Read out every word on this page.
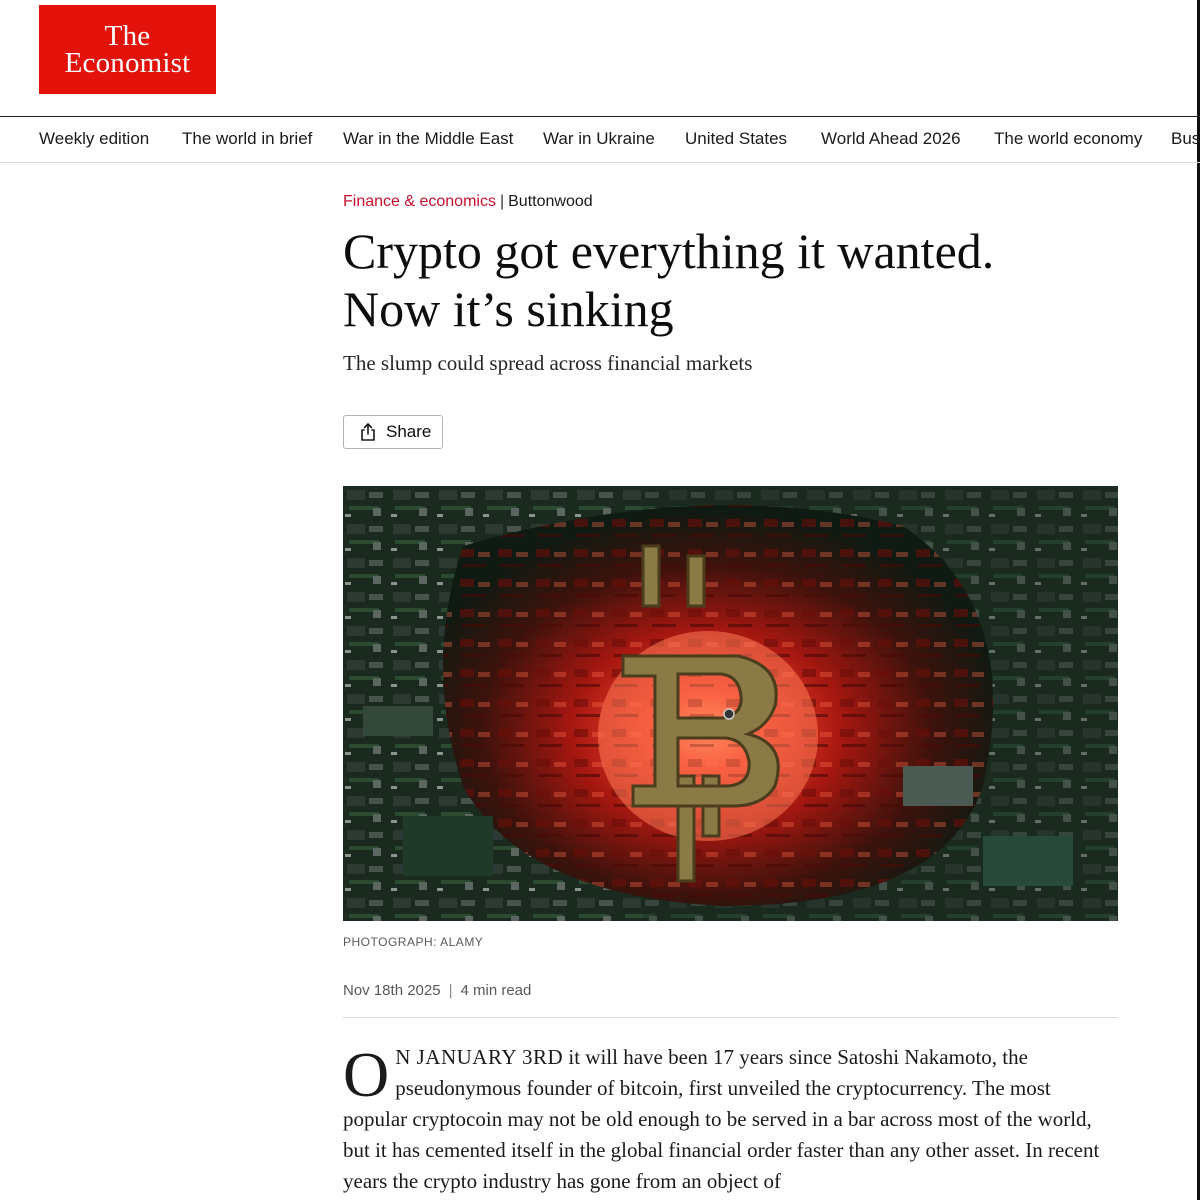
The
Economist
Weekly edition The world in brief War in the Middle East War in Ukraine United States World Ahead 2026 The world economy Bus
Finance & economics | Buttonwood
Crypto got everything it wanted.
Now it’s sinking
The slump could spread across financial markets
Share
PHOTOGRAPH: ALAMY
Nov 18th 2025 | 4 min read

O N JANUARY 3RD it will have been 17 years since Satoshi Nakamoto, the pseudonymous founder of bitcoin, first unveiled the cryptocurrency. The most popular cryptocoin may not be old enough to be served in a bar across most of the world, but it has cemented itself in the global financial order faster than any other asset. In recent years the crypto industry has gone from an object of
